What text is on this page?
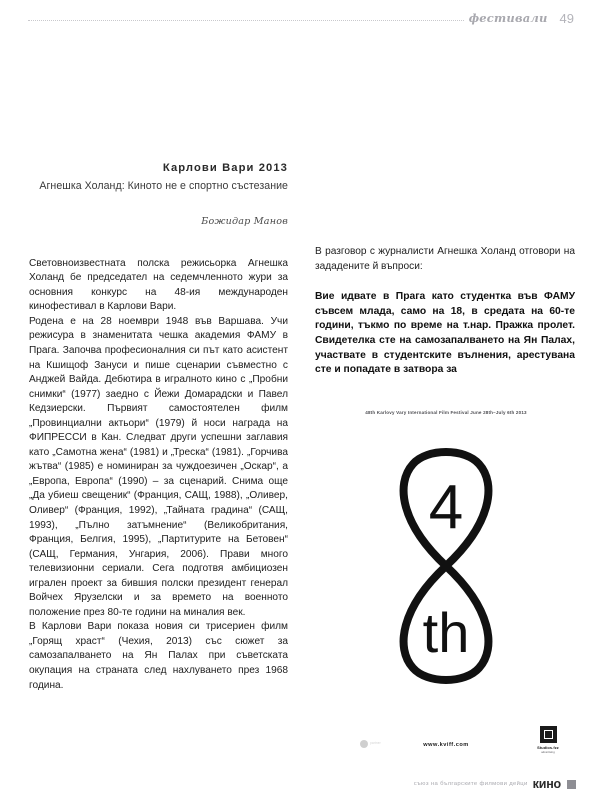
фестивали 49
Карлови Вари 2013
Агнешка Холанд: Киното не е спортно състезание
Божидар Манов

Световноизвестната полска режисьорка Агнешка Холанд бе председател на седемчленното жури за основния конкурс на 48-ия международен кинофестивал в Карлови Вари.

Родена е на 28 ноември 1948 във Варшава. Учи режисура в знаменитата чешка академия ФАМУ в Прага. Започва професионалния си път като асистент на Кшищоф Зануси и пише сценарии съвместно с Анджей Вайда. Дебютира в игралното кино с „Пробни снимки“ (1977) заедно с Йежи Домарадски и Павел Кедзиерски. Първият самостоятелен филм „Провинциални актьори“ (1979) й носи награда на ФИПРЕССИ в Кан. Следват други успешни заглавия като „Самотна жена“ (1981) и „Треска“ (1981). „Горчива жътва“ (1985) е номиниран за чуждоезичен „Оскар“, а „Европа, Европа“ (1990) – за сценарий. Снима още „Да убиеш свещеник“ (Франция, САЩ, 1988), „Оливер, Оливер“ (Франция, 1992), „Тайната градина“ (САЩ, 1993), „Пълно затъмнение“ (Великобритания, Франция, Белгия, 1995), „Партитурите на Бетовен“ (САЩ, Германия, Унгария, 2006). Прави много телевизионни сериали. Сега подготвя амбициозен игрален проект за бившия полски президент генерал Войчех Ярузелски и за времето на военното положение през 80-те години на миналия век.

В Карлови Вари показа новия си трисериен филм „Горящ храст“ (Чехия, 2013) със сюжет за самозапалването на Ян Палах при съветската окупация на страната след нахлуването през 1968 година.

В разговор с журналисти Агнешка Холанд отговори на зададените й въпроси:

Вие идвате в Прага като студентка във ФАМУ съвсем млада, само на 18, в средата на 60-те години, тъкмо по време на т.нар. Пражка пролет. Свидетелка сте на самозапалването на Ян Палах, участвате в студентските вълнения, арестувана сте и попадате в затвора за

48th Karlovy Vary International Film Festival June 28th–July 6th 2013
4
th
partner	www.kviff.com	Studios.fzz
advertising
съюз на българските филмови дейци кино
